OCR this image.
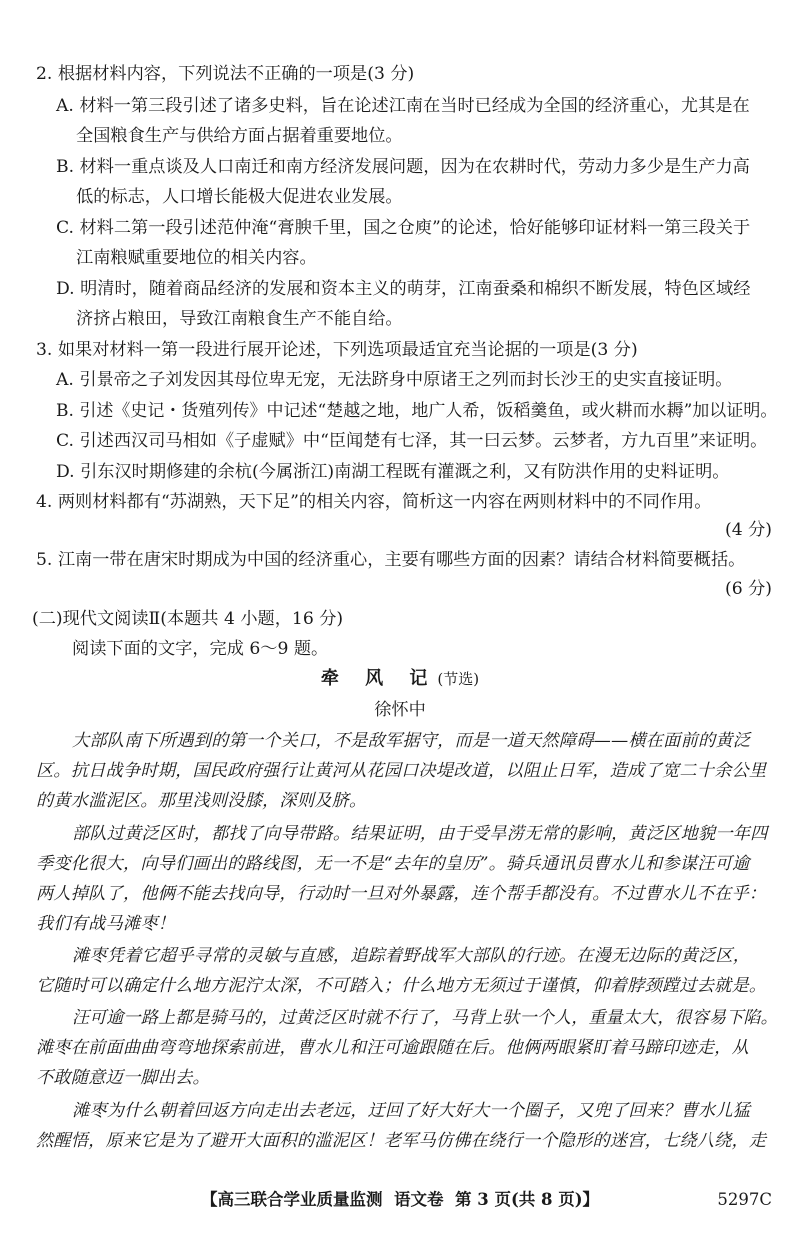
2. 根据材料内容，下列说法不正确的一项是(3 分)
A. 材料一第三段引述了诸多史料，旨在论述江南在当时已经成为全国的经济重心，尤其是在
全国粮食生产与供给方面占据着重要地位。
B. 材料一重点谈及人口南迁和南方经济发展问题，因为在农耕时代，劳动力多少是生产力高
低的标志，人口增长能极大促进农业发展。
C. 材料二第一段引述范仲淹“膏腴千里，国之仓庾”的论述，恰好能够印证材料一第三段关于
江南粮赋重要地位的相关内容。
D. 明清时，随着商品经济的发展和资本主义的萌芽，江南蚕桑和棉织不断发展，特色区域经
济挤占粮田，导致江南粮食生产不能自给。
3. 如果对材料一第一段进行展开论述，下列选项最适宜充当论据的一项是(3 分)
A. 引景帝之子刘发因其母位卑无宠，无法跻身中原诸王之列而封长沙王的史实直接证明。
B. 引述《史记・货殖列传》中记述“楚越之地，地广人希，饭稻羹鱼，或火耕而水耨”加以证明。
C. 引述西汉司马相如《子虚赋》中“臣闻楚有七泽，其一曰云梦。云梦者，方九百里”来证明。
D. 引东汉时期修建的余杭(今属浙江)南湖工程既有灌溉之利，又有防洪作用的史料证明。
4. 两则材料都有“苏湖熟，天下足”的相关内容，简析这一内容在两则材料中的不同作用。
(4 分)
5. 江南一带在唐宋时期成为中国的经济重心，主要有哪些方面的因素？请结合材料简要概括。
(6 分)
(二)现代文阅读Ⅱ(本题共 4 小题，16 分)
阅读下面的文字，完成 6～9 题。
牵 风 记(节选)
徐怀中
大部队南下所遇到的第一个关口，不是敌军据守，而是一道天然障碍——横在面前的黄泛
区。抗日战争时期，国民政府强行让黄河从花园口决堤改道，以阻止日军，造成了宽二十余公里
的黄水滥泥区。那里浅则没膝，深则及脐。
部队过黄泛区时，都找了向导带路。结果证明，由于受旱涝无常的影响，黄泛区地貌一年四
季变化很大，向导们画出的路线图，无一不是“去年的皇历”。骑兵通讯员曹水儿和参谋汪可逾
两人掉队了，他俩不能去找向导，行动时一旦对外暴露，连个帮手都没有。不过曹水儿不在乎：
我们有战马滩枣！
滩枣凭着它超乎寻常的灵敏与直感，追踪着野战军大部队的行迹。在漫无边际的黄泛区，
它随时可以确定什么地方泥泞太深，不可踏入；什么地方无须过于谨慎，仰着脖颈蹚过去就是。
汪可逾一路上都是骑马的，过黄泛区时就不行了，马背上驮一个人，重量太大，很容易下陷。
滩枣在前面曲曲弯弯地探索前进，曹水儿和汪可逾跟随在后。他俩两眼紧盯着马蹄印迹走，从
不敢随意迈一脚出去。
滩枣为什么朝着回返方向走出去老远，迂回了好大好大一个圈子，又兜了回来？曹水儿猛
然醒悟，原来它是为了避开大面积的滥泥区！老军马仿佛在绕行一个隐形的迷宫，七绕八绕，走
【高三联合学业质量监测 语文卷 第 3 页(共 8 页)】	5297C
